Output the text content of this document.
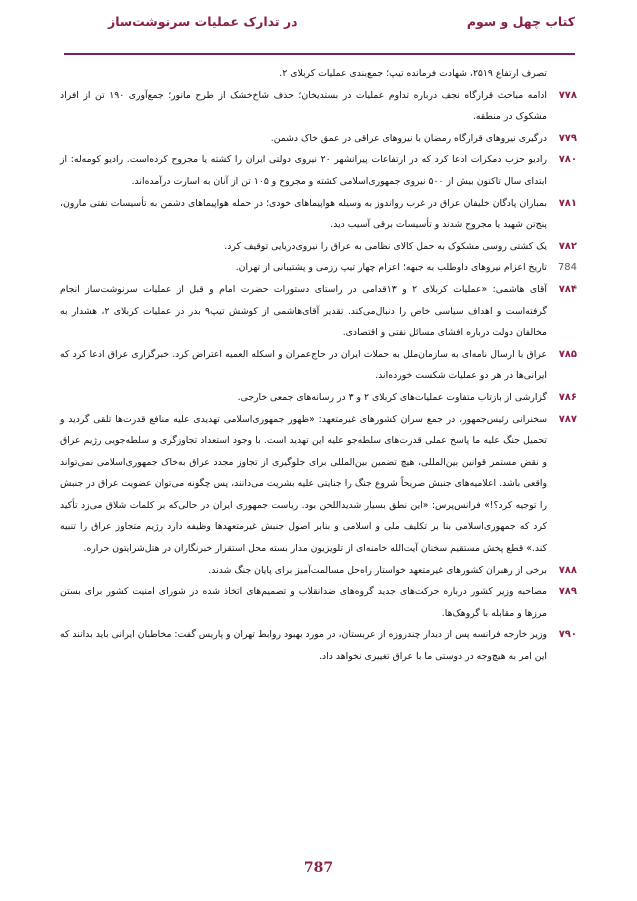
کتاب چهل و سوم
در تدارک عملیات سرنوشت‌ساز
تصرف ارتفاع ۲۵۱۹، شهادت فرمانده تیپ؛ جمع‌بندی عملیات کربلای ۲.
۷۷۸
ادامه مباحث قرارگاه نجف درباره تداوم عملیات در بستدیخان؛ حذف شاخ‌خشک از طرح مانور؛ جمع‌آوری ۱۹۰ تن از افراد مشکوک در منطقه.
۷۷۹
درگیری نیروهای قرارگاه رمضان با نیروهای عراقی در عمق خاک دشمن.
۷۸۰
رادیو حزب دمکرات ادعا کرد که در ارتفاعات پیرانشهر ۲۰ نیروی دولتی ایران را کشته یا مجروح کرده‌است. رادیو کومه‌له: از ابتدای سال تاکنون بیش از ۵۰۰ نیروی جمهوری‌اسلامی کشته و مجروح و ۱۰۵ تن از آنان به اسارت درآمده‌اند.
۷۸۱
بمباران پادگان خلیفان عراق در غرب رواندوز به وسیله هواپیماهای خودی؛ در حمله هواپیماهای دشمن به تأسیسات نفتی مارون، پنج‌تن شهید یا مجروح شدند و تأسیسات برقی آسیب دید.
۷۸۲
یک کشتی روسی مشکوک به حمل کالای نظامی به عراق را نیروی‌دریایی توقیف کرد.
784
تاریخ اعزام نیروهای داوطلب به جبهه؛ اعزام چهار تیپ رزمی و پشتیبانی از تهران.
۷۸۴
آقای هاشمی: «عملیات کربلای ۲ و ۱۳قدامی در راستای دستورات حضرت امام و قبل از عملیات سرنوشت‌ساز انجام گرفته‌است و اهداف سیاسی خاص را دنبال‌می‌کند. تقدیر آقای‌هاشمی از کوشش تیپ۹ بدر در عملیات کربلای ۲، هشدار به مخالفان دولت درباره افشای مسائل نفتی و اقتصادی.
۷۸۵
عراق با ارسال نامه‌ای به سازمان‌ملل به حملات ایران در حاج‌عمران و اسکله العمیه اعتراض کرد. خبرگزاری عراق ادعا کرد که ایرانی‌ها در هر دو عملیات شکست خورده‌اند.
۷۸۶
گزارشی از بازتاب متفاوت عملیات‌های کربلای ۲ و ۳ در رسانه‌های جمعی خارجی.
۷۸۷
سخنرانی رئیس‌جمهور، در جمع سران کشورهای غیرمتعهد: «ظهور جمهوری‌اسلامی تهدیدی علیه منافع قدرت‌ها تلقی گردید و تحمیل جنگ علیه ما پاسخ عملی قدرت‌های سلطه‌جو علیه این تهدید است. با وجود استعداد تجاوزگری و سلطه‌جویی رژیم عراق و نقض مستمر قوانین بین‌المللی، هیچ تضمین بین‌المللی برای جلوگیری از تجاوز مجدد عراق به‌خاک جمهوری‌اسلامی نمی‌تواند واقعی باشد. اعلامیه‌های جنبش صریحاً شروع جنگ را جنایتی علیه بشریت می‌دانند، پس چگونه می‌توان عضویت عراق در جنبش را توجیه کرد؟!» فرانس‌پرس: «این نطق بسیار شدیداللحن بود. ریاست جمهوری ایران در حالی‌که بر کلمات شلاق می‌زد تأکید کرد که جمهوری‌اسلامی بنا بر تکلیف ملی و اسلامی و بنابر اصول جنبش غیرمتعهدها وظیفه دارد رژیم متجاوز عراق را تنبیه کند.» قطع پخش مستقیم سخنان آیت‌الله خامنه‌ای از تلویزیون مدار بسته محل استقرار خبرنگاران در هتل‌شرایتون حراره.
۷۸۸
برخی از رهبران کشورهای غیرمتعهد خواستار راه‌حل مسالمت‌آمیز برای پایان جنگ شدند.
۷۸۹
مصاحبه وزیر کشور درباره حرکت‌های جدید گروه‌های ضدانقلاب و تصمیم‌های اتخاذ شده در شورای امنیت کشور برای بستن مرزها و مقابله با گروهک‌ها.
۷۹۰
وزیر خارجه فرانسه پس از دیدار چندروزه از عربستان، در مورد بهبود روابط تهران و پاریس گفت: مخاطبان ایرانی باید بدانند که این امر به هیچ‌وجه در دوستی ما با عراق تغییری نخواهد داد.
787
